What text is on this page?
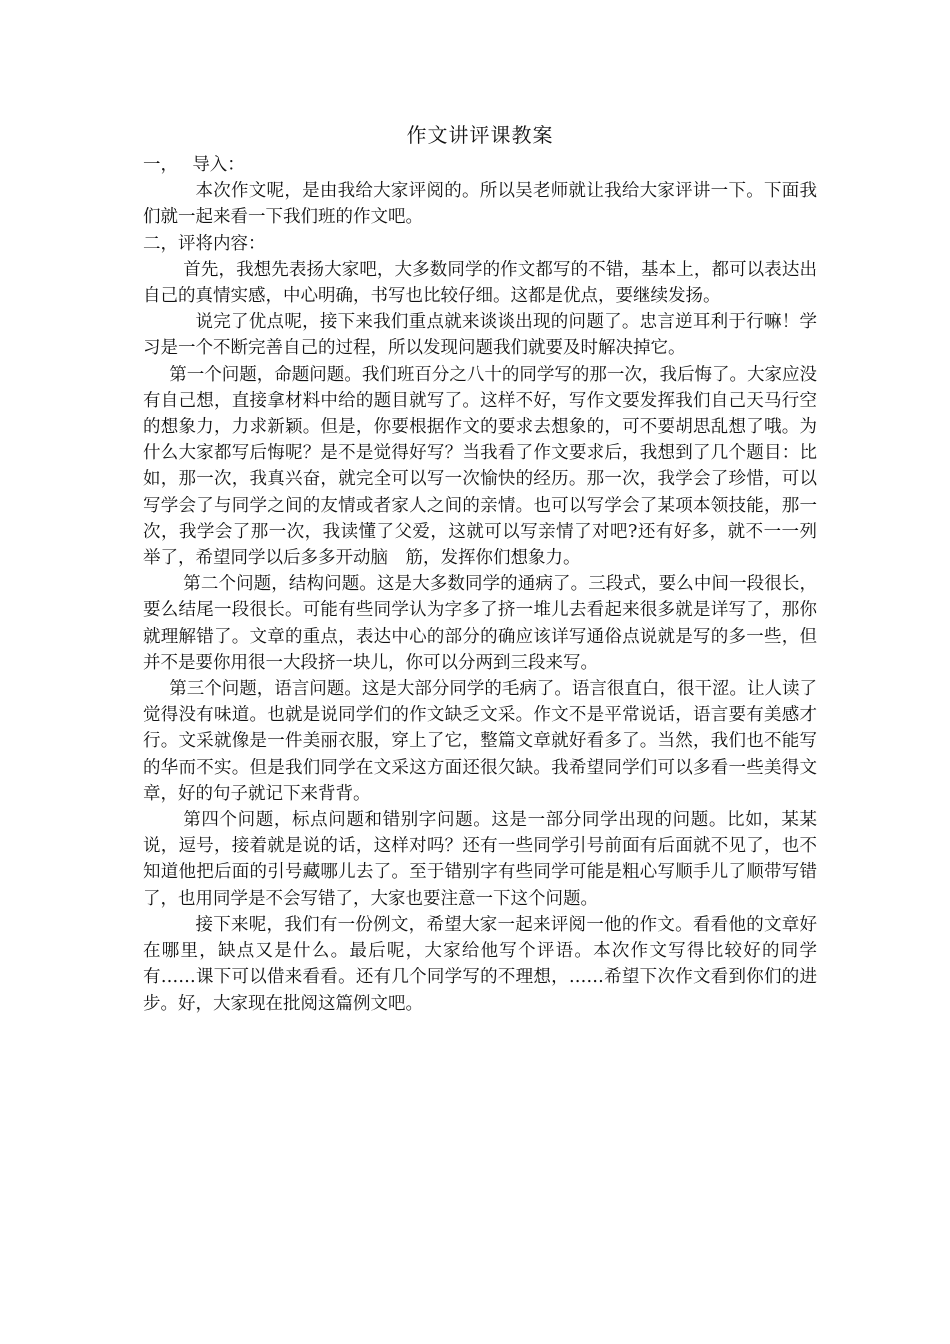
作文讲评课教案

一，　 导入：

本次作文呢，是由我给大家评阅的。所以吴老师就让我给大家评讲一下。下面我们就一起来看一下我们班的作文吧。

二，评将内容：

首先，我想先表扬大家吧，大多数同学的作文都写的不错，基本上，都可以表达出自己的真情实感，中心明确，书写也比较仔细。这都是优点，要继续发扬。

说完了优点呢，接下来我们重点就来谈谈出现的问题了。忠言逆耳利于行嘛！学习是一个不断完善自己的过程，所以发现问题我们就要及时解决掉它。

第一个问题，命题问题。我们班百分之八十的同学写的那一次，我后悔了。大家应没有自己想，直接拿材料中给的题目就写了。这样不好，写作文要发挥我们自己天马行空的想象力，力求新颖。但是，你要根据作文的要求去想象的，可不要胡思乱想了哦。为什么大家都写后悔呢？是不是觉得好写？当我看了作文要求后，我想到了几个题目：比如，那一次，我真兴奋，就完全可以写一次愉快的经历。那一次，我学会了珍惜，可以写学会了与同学之间的友情或者家人之间的亲情。也可以写学会了某项本领技能，那一次，我学会了那一次，我读懂了父爱，这就可以写亲情了对吧?还有好多，就不一一列举了，希望同学以后多多开动脑　筋，发挥你们想象力。

第二个问题，结构问题。这是大多数同学的通病了。三段式，要么中间一段很长，要么结尾一段很长。可能有些同学认为字多了挤一堆儿去看起来很多就是详写了，那你就理解错了。文章的重点，表达中心的部分的确应该详写通俗点说就是写的多一些，但并不是要你用很一大段挤一块儿，你可以分两到三段来写。

第三个问题，语言问题。这是大部分同学的毛病了。语言很直白，很干涩。让人读了觉得没有味道。也就是说同学们的作文缺乏文采。作文不是平常说话，语言要有美感才行。文采就像是一件美丽衣服，穿上了它，整篇文章就好看多了。当然，我们也不能写的华而不实。但是我们同学在文采这方面还很欠缺。我希望同学们可以多看一些美得文章，好的句子就记下来背背。

第四个问题，标点问题和错别字问题。这是一部分同学出现的问题。比如，某某说，逗号，接着就是说的话，这样对吗？还有一些同学引号前面有后面就不见了，也不知道他把后面的引号藏哪儿去了。至于错别字有些同学可能是粗心写顺手儿了顺带写错了，也用同学是不会写错了，大家也要注意一下这个问题。

接下来呢，我们有一份例文，希望大家一起来评阅一他的作文。看看他的文章好在哪里，缺点又是什么。最后呢，大家给他写个评语。本次作文写得比较好的同学有……课下可以借来看看。还有几个同学写的不理想，……希望下次作文看到你们的进步。好，大家现在批阅这篇例文吧。
